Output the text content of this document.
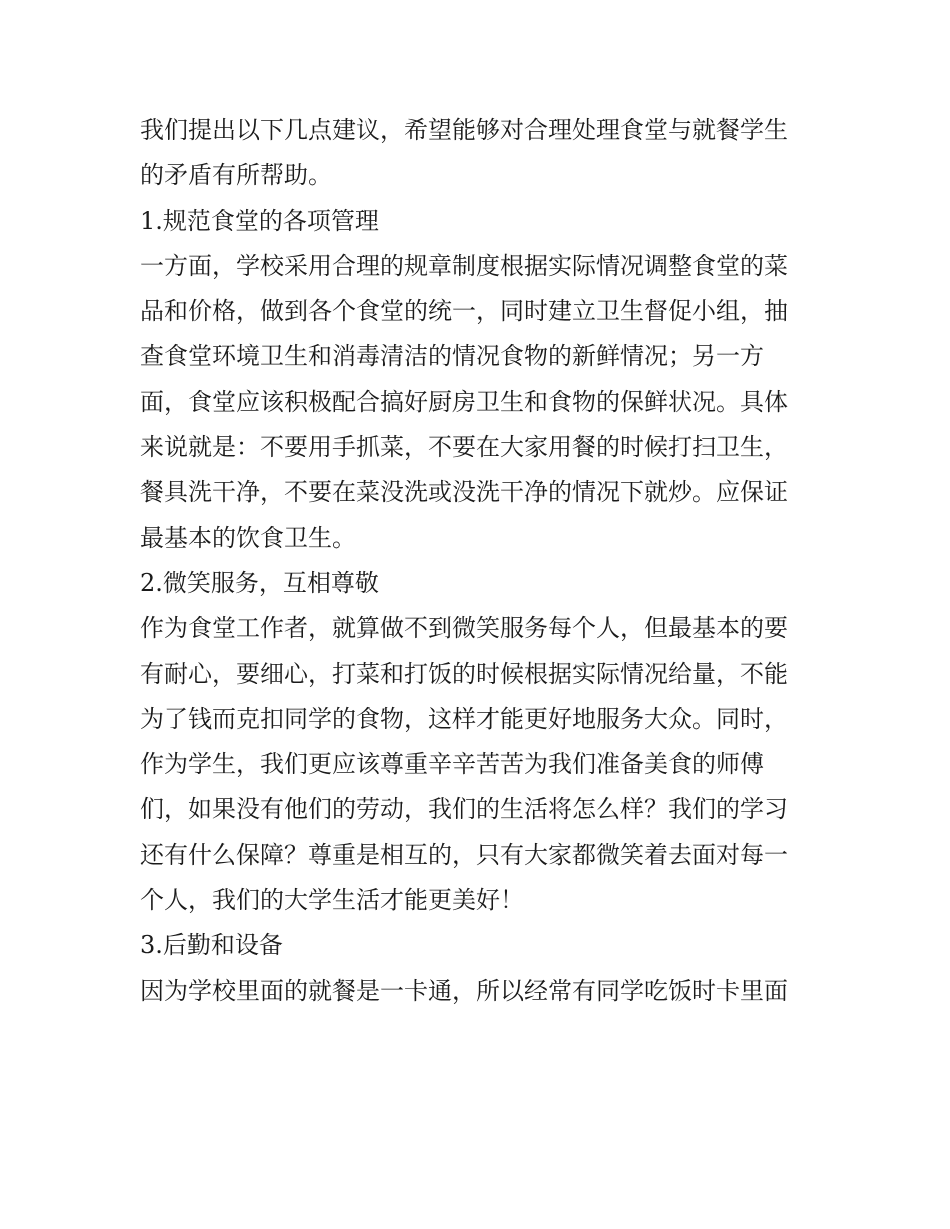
我们提出以下几点建议，希望能够对合理处理食堂与就餐学生
的矛盾有所帮助。
1.规范食堂的各项管理
一方面，学校采用合理的规章制度根据实际情况调整食堂的菜
品和价格，做到各个食堂的统一，同时建立卫生督促小组，抽
查食堂环境卫生和消毒清洁的情况食物的新鲜情况；另一方
面，食堂应该积极配合搞好厨房卫生和食物的保鲜状况。具体
来说就是：不要用手抓菜，不要在大家用餐的时候打扫卫生，
餐具洗干净，不要在菜没洗或没洗干净的情况下就炒。应保证
最基本的饮食卫生。
2.微笑服务，互相尊敬
作为食堂工作者，就算做不到微笑服务每个人，但最基本的要
有耐心，要细心，打菜和打饭的时候根据实际情况给量，不能
为了钱而克扣同学的食物，这样才能更好地服务大众。同时，
作为学生，我们更应该尊重辛辛苦苦为我们准备美食的师傅
们，如果没有他们的劳动，我们的生活将怎么样？我们的学习
还有什么保障？尊重是相互的，只有大家都微笑着去面对每一
个人，我们的大学生活才能更美好！
3.后勤和设备
因为学校里面的就餐是一卡通，所以经常有同学吃饭时卡里面
